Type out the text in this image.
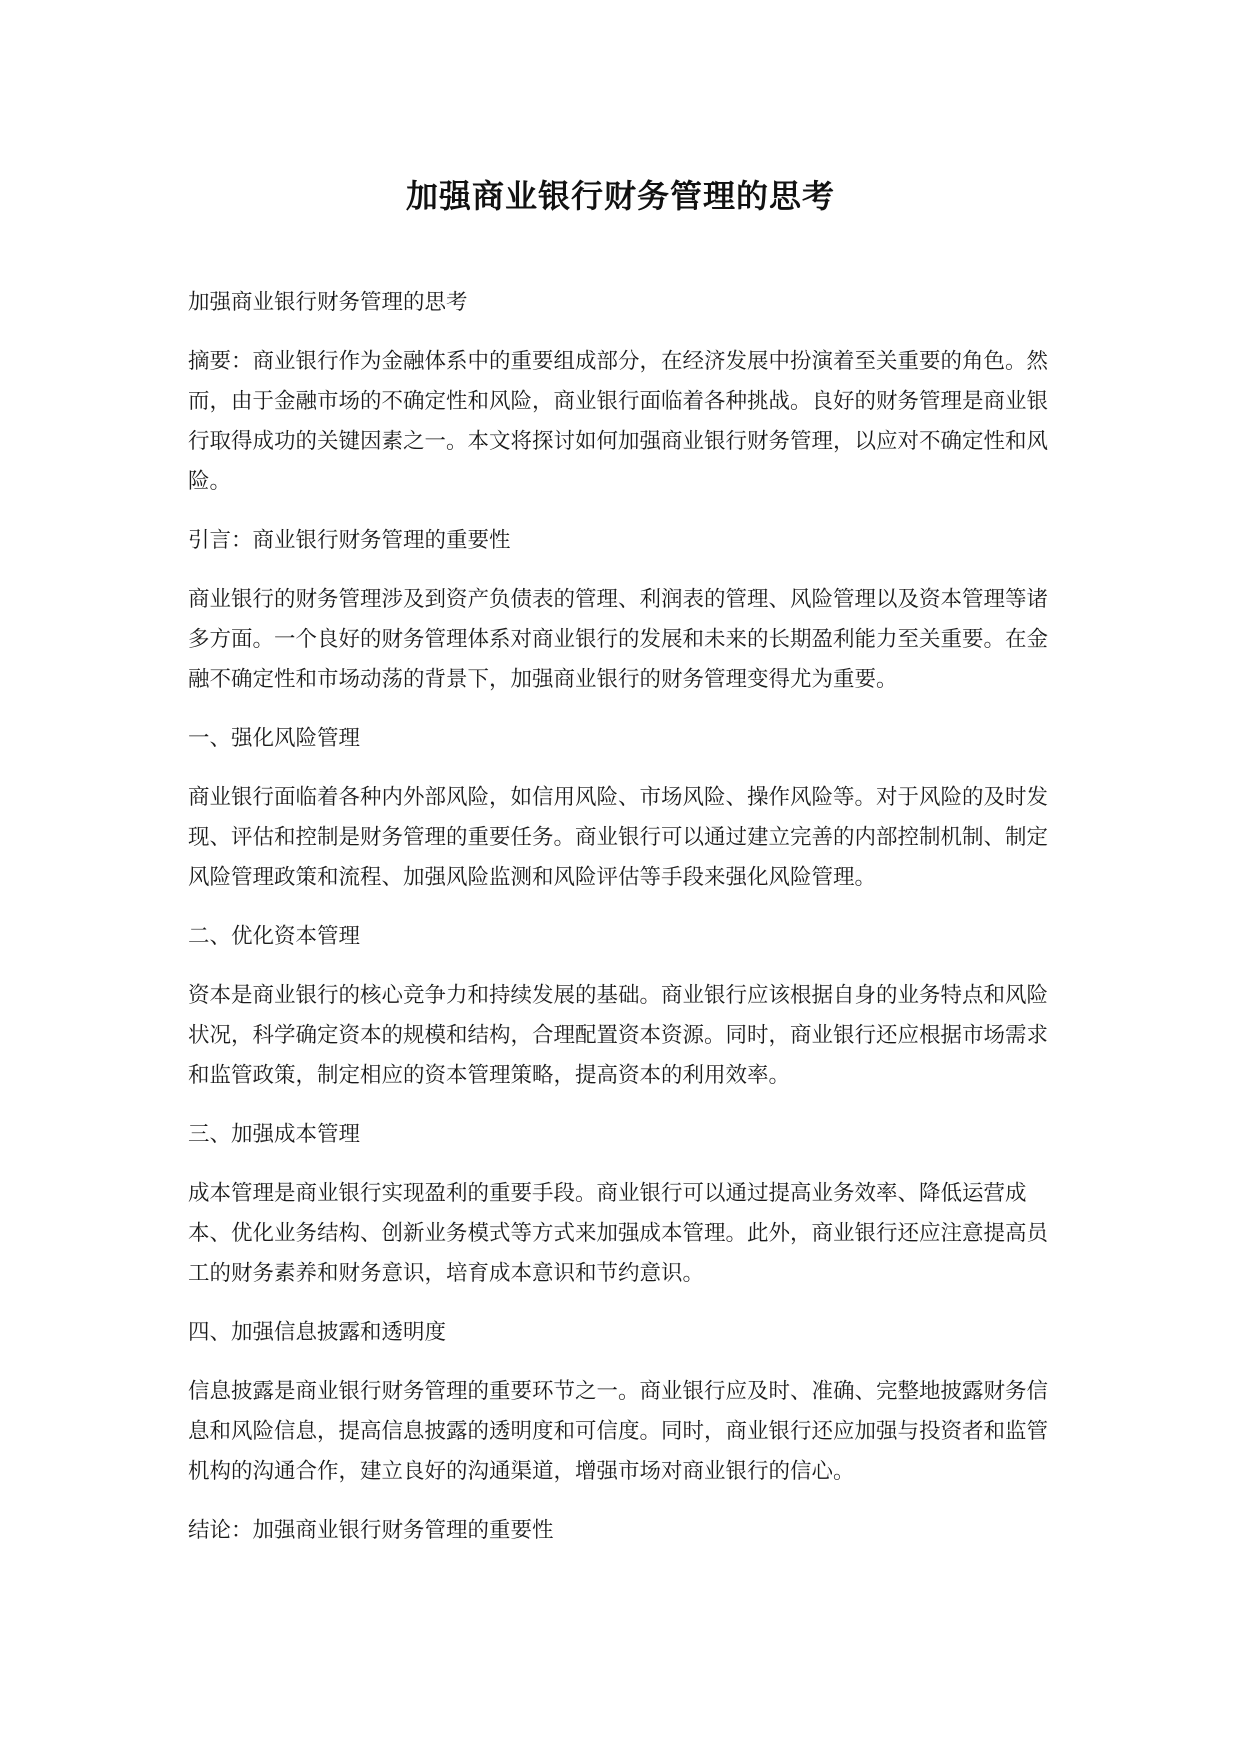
加强商业银行财务管理的思考

加强商业银行财务管理的思考

摘要：商业银行作为金融体系中的重要组成部分，在经济发展中扮演着至关重要的角色。然而，由于金融市场的不确定性和风险，商业银行面临着各种挑战。良好的财务管理是商业银行取得成功的关键因素之一。本文将探讨如何加强商业银行财务管理，以应对不确定性和风险。

引言：商业银行财务管理的重要性

商业银行的财务管理涉及到资产负债表的管理、利润表的管理、风险管理以及资本管理等诸多方面。一个良好的财务管理体系对商业银行的发展和未来的长期盈利能力至关重要。在金融不确定性和市场动荡的背景下，加强商业银行的财务管理变得尤为重要。

一、强化风险管理

商业银行面临着各种内外部风险，如信用风险、市场风险、操作风险等。对于风险的及时发现、评估和控制是财务管理的重要任务。商业银行可以通过建立完善的内部控制机制、制定风险管理政策和流程、加强风险监测和风险评估等手段来强化风险管理。

二、优化资本管理

资本是商业银行的核心竞争力和持续发展的基础。商业银行应该根据自身的业务特点和风险状况，科学确定资本的规模和结构，合理配置资本资源。同时，商业银行还应根据市场需求和监管政策，制定相应的资本管理策略，提高资本的利用效率。

三、加强成本管理

成本管理是商业银行实现盈利的重要手段。商业银行可以通过提高业务效率、降低运营成本、优化业务结构、创新业务模式等方式来加强成本管理。此外，商业银行还应注意提高员工的财务素养和财务意识，培育成本意识和节约意识。

四、加强信息披露和透明度

信息披露是商业银行财务管理的重要环节之一。商业银行应及时、准确、完整地披露财务信息和风险信息，提高信息披露的透明度和可信度。同时，商业银行还应加强与投资者和监管机构的沟通合作，建立良好的沟通渠道，增强市场对商业银行的信心。

结论：加强商业银行财务管理的重要性
